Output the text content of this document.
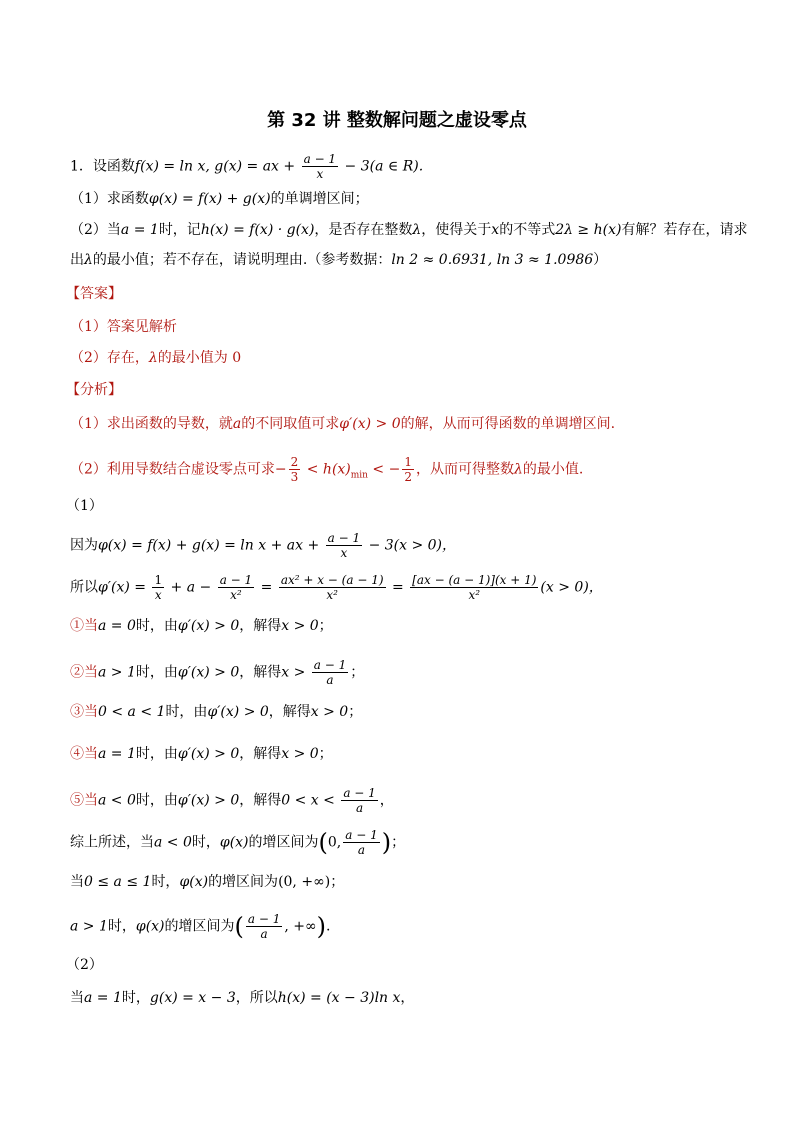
第 32 讲 整数解问题之虚设零点
1．设函数f(x) = ln x, g(x) = ax + $\frac{a - 1}{x} - 3(a$ ∈ R).
（1）求函数φ(x) = f(x) + g(x)的单调增区间；
（2）当a = 1时，记h(x) = f(x) · g(x)，是否存在整数λ，使得关于x的不等式2λ ≥ h(x)有解？若存在，请求
出λ的最小值；若不存在，请说明理由.（参考数据：ln 2 ≈ 0.6931, ln 3 ≈ 1.0986）
【答案】
（1）答案见解析
（2）存在，λ的最小值为 0
【分析】
（1）求出函数的导数，就a的不同取值可求φ′(x) > 0的解，从而可得函数的单调增区间.
（2）利用导数结合虚设零点可求− $\frac{2}{3} < h(x)_{min}$ < − $\frac{1}{2}$ ，从而可得整数λ的最小值.
（1）
因为φ(x) = f(x) + g(x) = ln x + ax + $\frac{a - 1}{x} - 3(x > 0)$，
所以$\varphi'(x) = \frac{1}{x} + a - \frac{a - 1}{\text{x²}} = \frac{\text{ax² + x − (a − 1)}}{\text{x²}} = \frac{[ax - (a - 1)](x + 1)}{\text{x²}} (x > 0)$，
①当a = 0时，由φ′(x) > 0，解得x > 0；
②当a > 1时，由φ′(x) > 0，解得$x > \frac{a - 1}{a}$ ；
③当0 < a < 1时，由φ′(x) > 0，解得x > 0；
④当a = 1时，由φ′(x) > 0，解得x > 0；
⑤当a < 0时，由φ′(x) > 0，解得$0 < x < \frac{a - 1}{a}$ ，
综上所述，当a < 0时，φ(x)的增区间为(0, $\frac{a - 1}{a}$ )；
当0 ≤ a ≤ 1时，φ(x)的增区间为(0, +∞)；
a > 1时，φ(x)的增区间为( $\frac{a - 1}{a}$ , +∞).
（2）
当a = 1时，g(x) = x − 3，所以h(x) = (x − 3)ln x，
